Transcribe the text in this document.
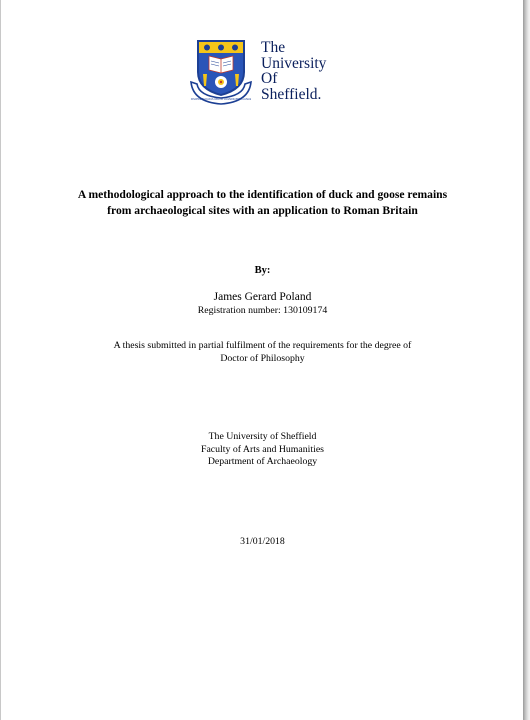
DISCERE FACULTAS RERUM COGNOSCERE CAUSAS
The
University
Of
Sheffield.
A methodological approach to the identification of duck and goose remains
from archaeological sites with an application to Roman Britain
By:
James Gerard Poland
Registration number: 130109174
A thesis submitted in partial fulfilment of the requirements for the degree of
Doctor of Philosophy
The University of Sheffield
Faculty of Arts and Humanities
Department of Archaeology
31/01/2018
